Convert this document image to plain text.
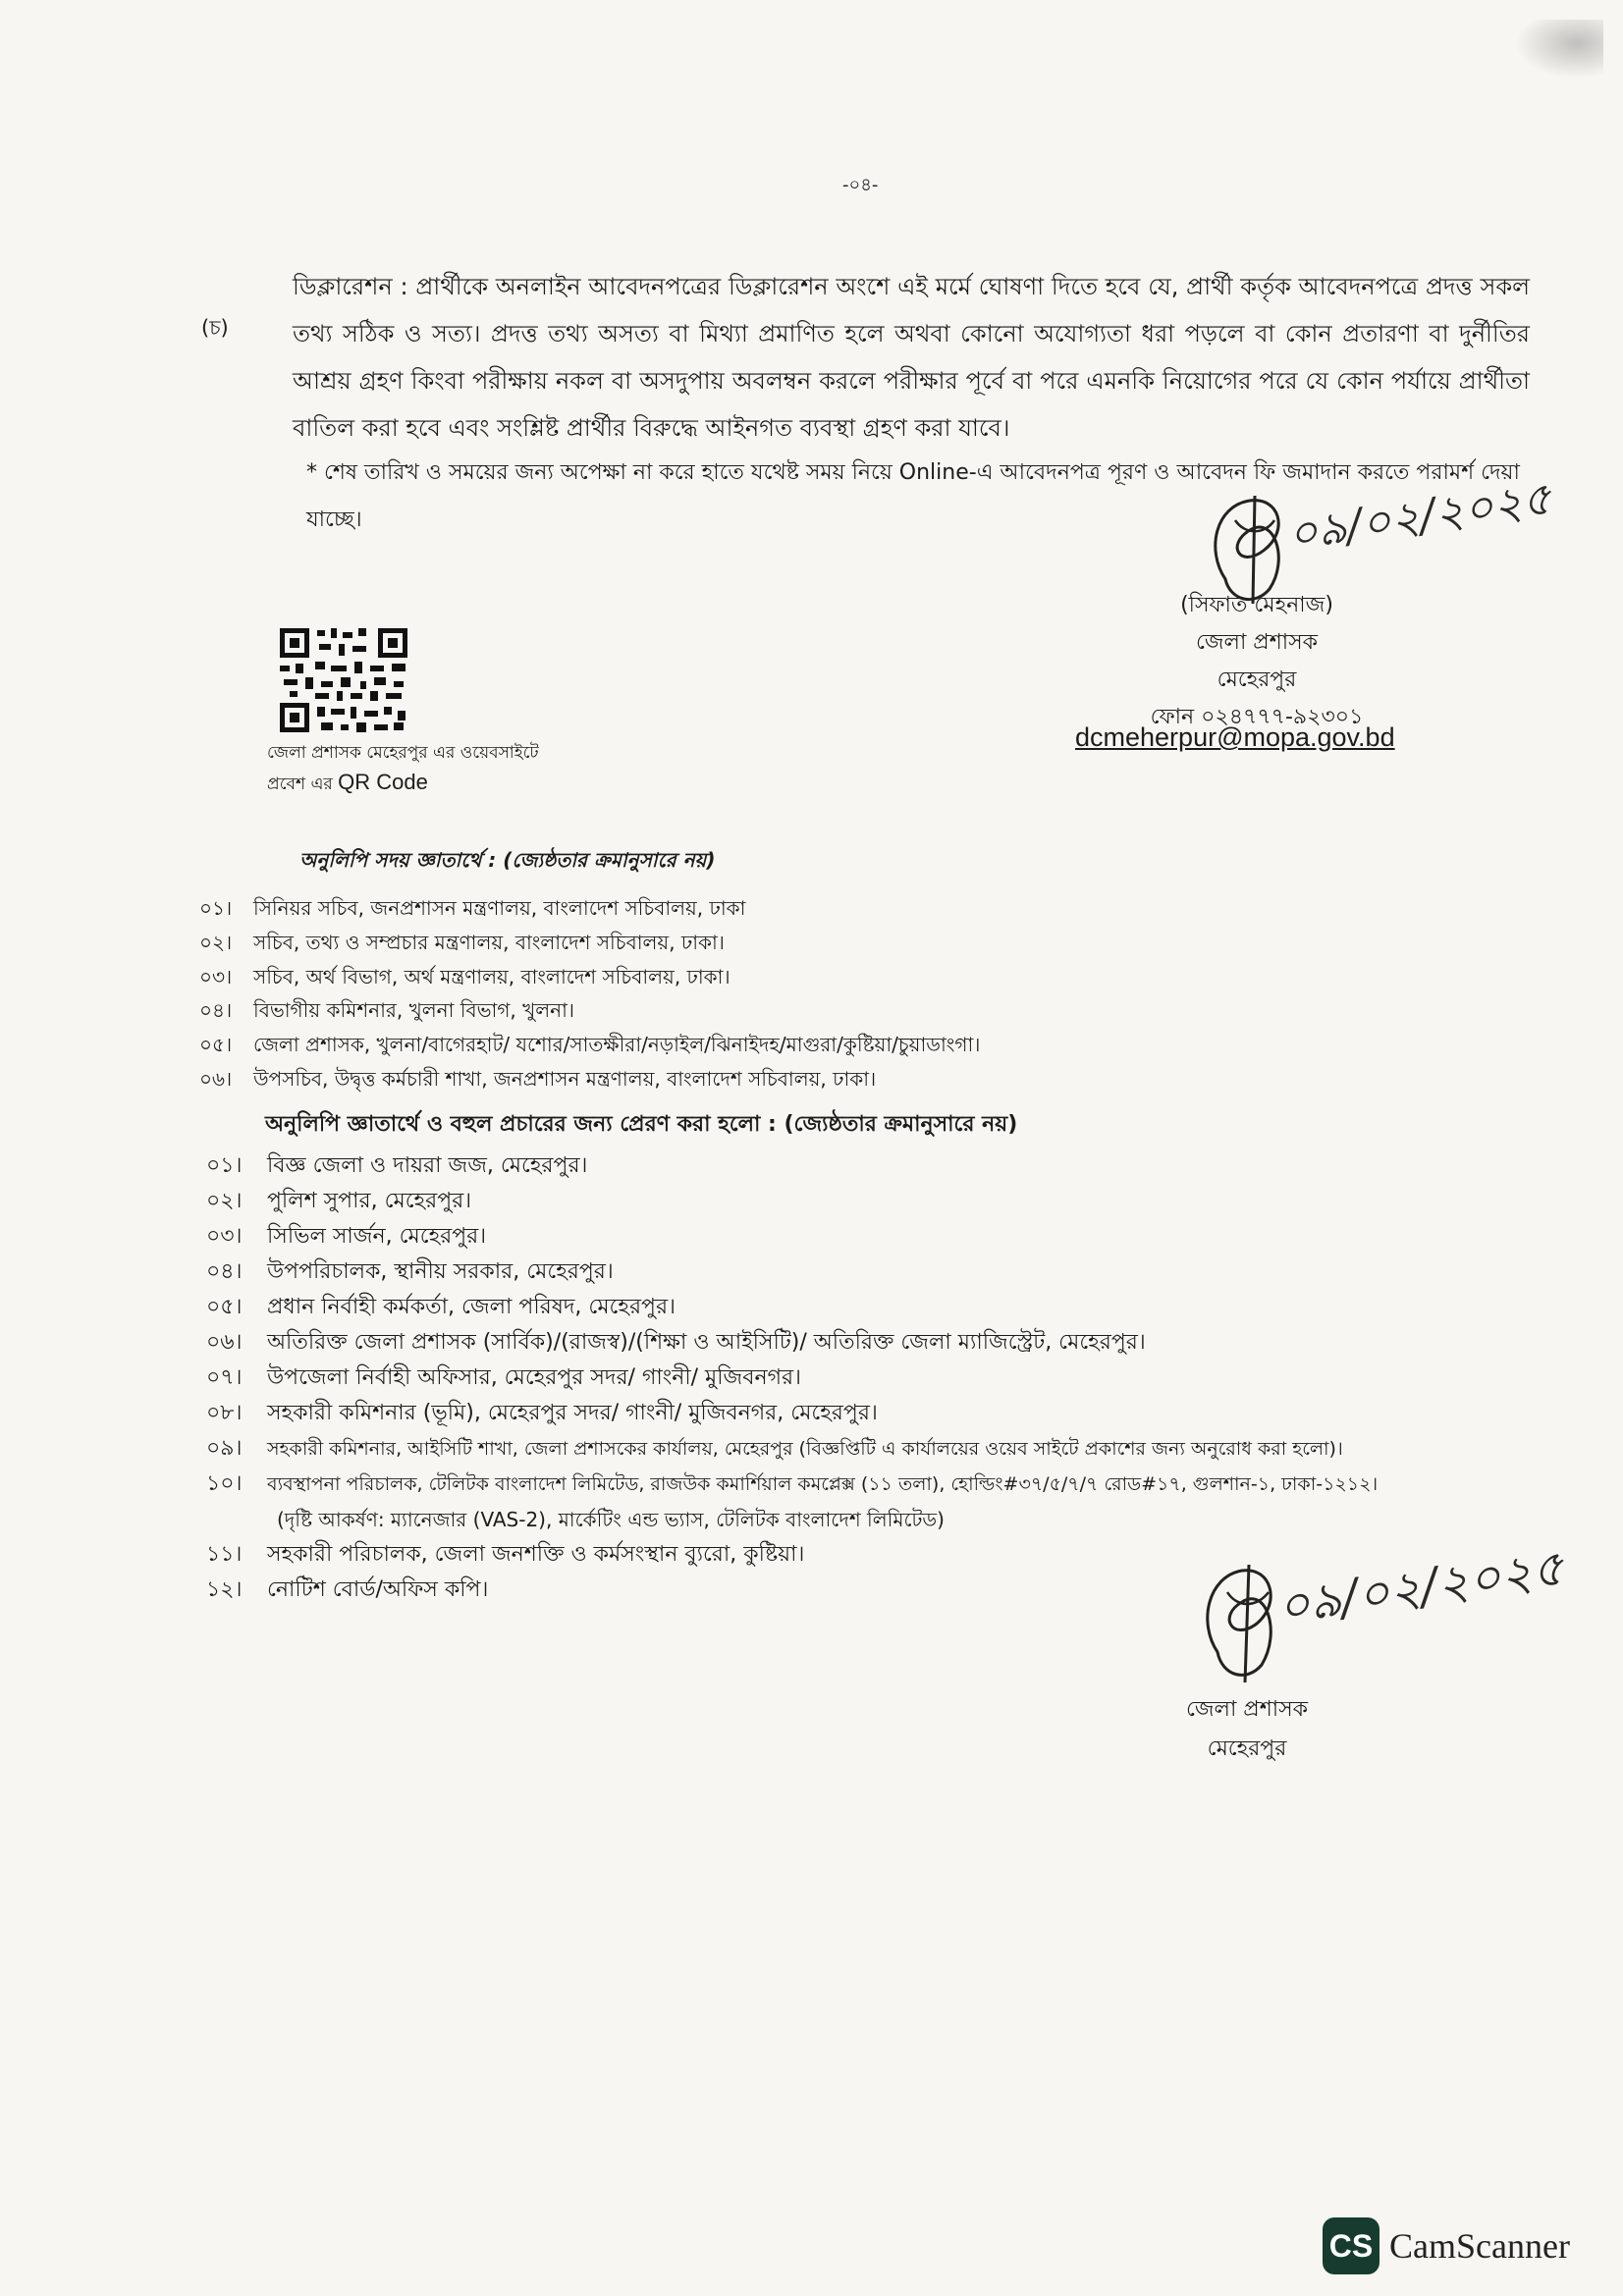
-০৪-
(চ)
ডিক্লারেশন : প্রার্থীকে অনলাইন আবেদনপত্রের ডিক্লারেশন অংশে এই মর্মে ঘোষণা দিতে হবে যে, প্রার্থী কর্তৃক আবেদনপত্রে প্রদত্ত সকল তথ্য সঠিক ও সত্য। প্রদত্ত তথ্য অসত্য বা মিথ্যা প্রমাণিত হলে অথবা কোনো অযোগ্যতা ধরা পড়লে বা কোন প্রতারণা বা দুর্নীতির আশ্রয় গ্রহণ কিংবা পরীক্ষায় নকল বা অসদুপায় অবলম্বন করলে পরীক্ষার পূর্বে বা পরে এমনকি নিয়োগের পরে যে কোন পর্যায়ে প্রার্থীতা বাতিল করা হবে এবং সংশ্লিষ্ট প্রার্থীর বিরুদ্ধে আইনগত ব্যবস্থা গ্রহণ করা যাবে।
* শেষ তারিখ ও সময়ের জন্য অপেক্ষা না করে হাতে যথেষ্ট সময় নিয়ে Online-এ আবেদনপত্র পূরণ ও আবেদন ফি জমাদান করতে পরামর্শ দেয়া যাচ্ছে।	০৯/০২/২০২৫
(সিফাত মেহনাজ)
জেলা প্রশাসক
মেহেরপুর
ফোন ০২৪৭৭৭-৯২৩০১
dcmeherpur@mopa.gov.bd
জেলা প্রশাসক মেহেরপুর এর ওয়েবসাইটে
প্রবেশ এর QR Code
অনুলিপি সদয় জ্ঞাতার্থে : (জ্যেষ্ঠতার ক্রমানুসারে নয়)
০১। সিনিয়র সচিব, জনপ্রশাসন মন্ত্রণালয়, বাংলাদেশ সচিবালয়, ঢাকা
০২। সচিব, তথ্য ও সম্প্রচার মন্ত্রণালয়, বাংলাদেশ সচিবালয়, ঢাকা।
০৩। সচিব, অর্থ বিভাগ, অর্থ মন্ত্রণালয়, বাংলাদেশ সচিবালয়, ঢাকা।
০৪। বিভাগীয় কমিশনার, খুলনা বিভাগ, খুলনা।
০৫। জেলা প্রশাসক, খুলনা/বাগেরহাট/ যশোর/সাতক্ষীরা/নড়াইল/ঝিনাইদহ/মাগুরা/কুষ্টিয়া/চুয়াডাংগা।
০৬। উপসচিব, উদ্বৃত্ত কর্মচারী শাখা, জনপ্রশাসন মন্ত্রণালয়, বাংলাদেশ সচিবালয়, ঢাকা।
অনুলিপি জ্ঞাতার্থে ও বহুল প্রচারের জন্য প্রেরণ করা হলো : (জ্যেষ্ঠতার ক্রমানুসারে নয়)
০১। বিজ্ঞ জেলা ও দায়রা জজ, মেহেরপুর।
০২। পুলিশ সুপার, মেহেরপুর।
০৩। সিভিল সার্জন, মেহেরপুর।
০৪। উপপরিচালক, স্থানীয় সরকার, মেহেরপুর।
০৫। প্রধান নির্বাহী কর্মকর্তা, জেলা পরিষদ, মেহেরপুর।
০৬। অতিরিক্ত জেলা প্রশাসক (সার্বিক)/(রাজস্ব)/(শিক্ষা ও আইসিটি)/ অতিরিক্ত জেলা ম্যাজিস্ট্রেট, মেহেরপুর।
০৭। উপজেলা নির্বাহী অফিসার, মেহেরপুর সদর/ গাংনী/ মুজিবনগর।
০৮। সহকারী কমিশনার (ভূমি), মেহেরপুর সদর/ গাংনী/ মুজিবনগর, মেহেরপুর।
০৯। সহকারী কমিশনার, আইসিটি শাখা, জেলা প্রশাসকের কার্যালয়, মেহেরপুর (বিজ্ঞপ্তিটি এ কার্যালয়ের ওয়েব সাইটে প্রকাশের জন্য অনুরোধ করা হলো)।
১০। ব্যবস্থাপনা পরিচালক, টেলিটক বাংলাদেশ লিমিটেড, রাজউক কমার্শিয়াল কমপ্লেক্স (১১ তলা), হোল্ডিং#৩৭/৫/৭/৭ রোড#১৭, গুলশান-১, ঢাকা-১২১২।
(দৃষ্টি আকর্ষণ: ম্যানেজার (VAS-2), মার্কেটিং এন্ড ভ্যাস, টেলিটক বাংলাদেশ লিমিটেড)
১১। সহকারী পরিচালক, জেলা জনশক্তি ও কর্মসংস্থান ব্যুরো, কুষ্টিয়া।
১২। নোটিশ বোর্ড/অফিস কপি।	০৯/০২/২০২৫
জেলা প্রশাসক
মেহেরপুর
CS CamScanner
